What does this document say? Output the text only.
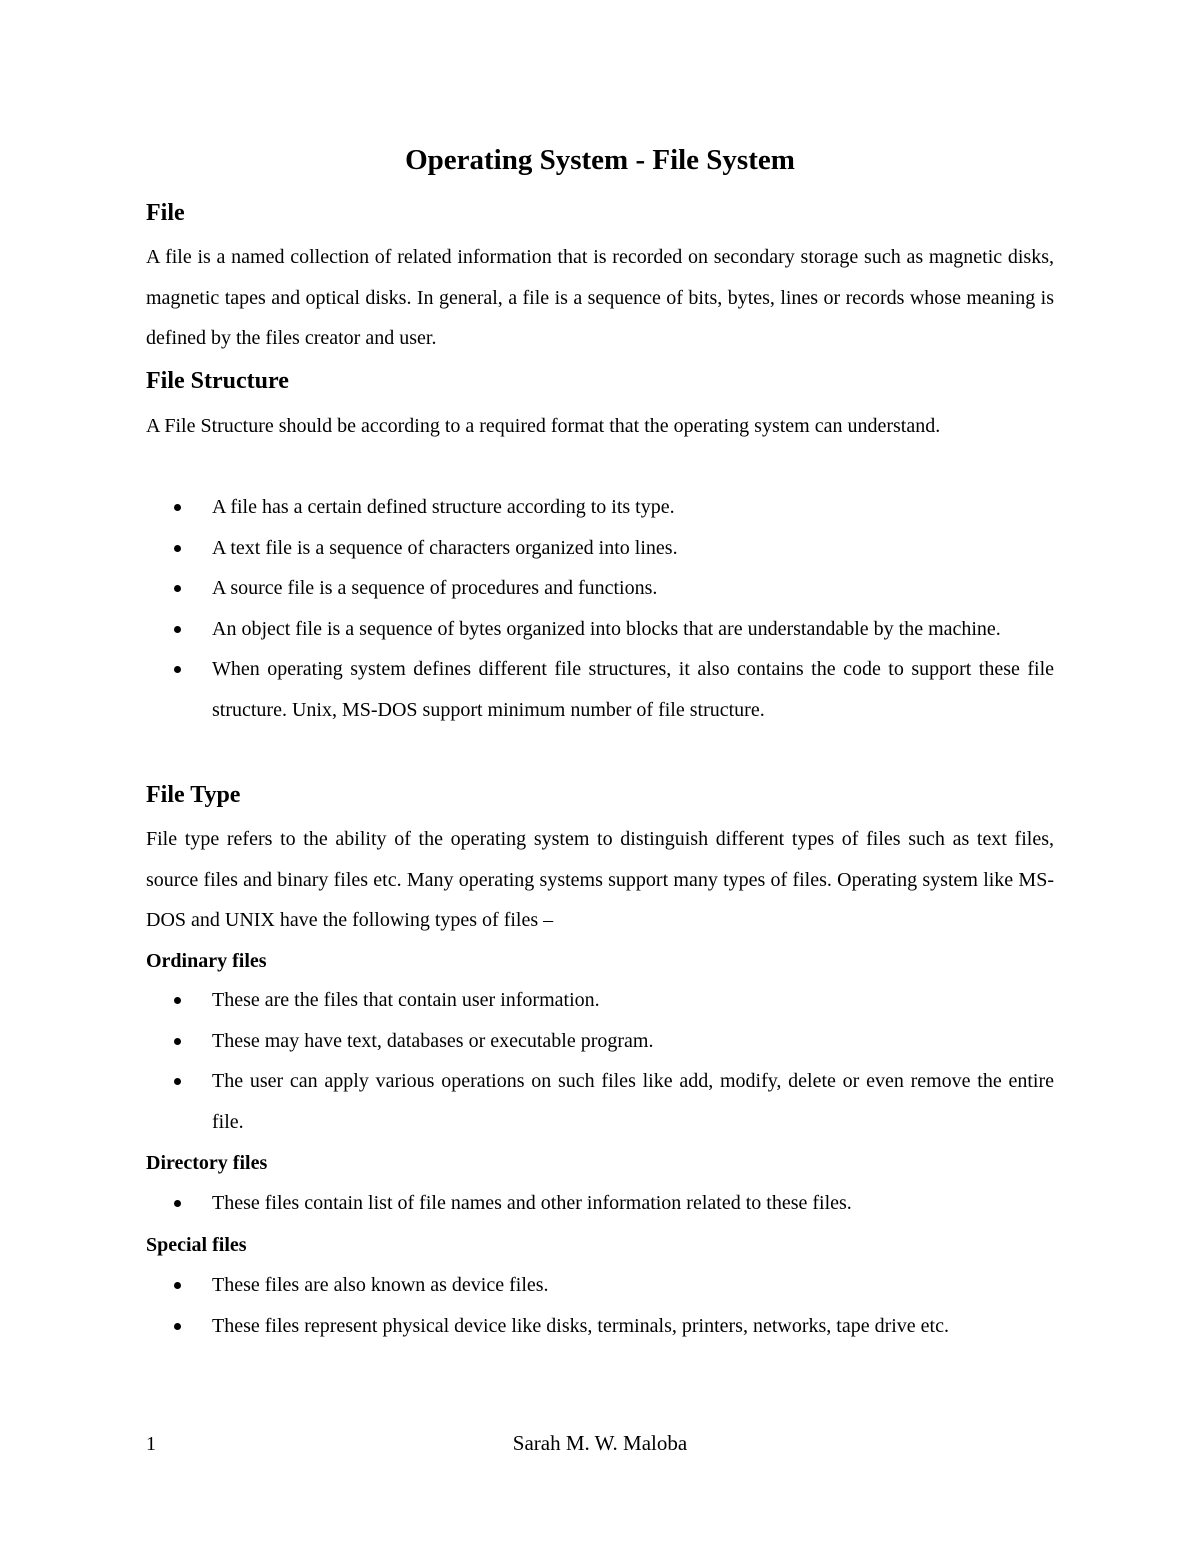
Operating System - File System
File

A file is a named collection of related information that is recorded on secondary storage such as magnetic disks, magnetic tapes and optical disks. In general, a file is a sequence of bits, bytes, lines or records whose meaning is defined by the files creator and user.

File Structure

A File Structure should be according to a required format that the operating system can understand.

A file has a certain defined structure according to its type.
A text file is a sequence of characters organized into lines.
A source file is a sequence of procedures and functions.
An object file is a sequence of bytes organized into blocks that are understandable by the machine.
When operating system defines different file structures, it also contains the code to support these file structure. Unix, MS-DOS support minimum number of file structure.
File Type

File type refers to the ability of the operating system to distinguish different types of files such as text files, source files and binary files etc. Many operating systems support many types of files. Operating system like MS-DOS and UNIX have the following types of files –

Ordinary files
These are the files that contain user information.
These may have text, databases or executable program.
The user can apply various operations on such files like add, modify, delete or even remove the entire file.
Directory files
These files contain list of file names and other information related to these files.
Special files
These files are also known as device files.
These files represent physical device like disks, terminals, printers, networks, tape drive etc.
1	Sarah M. W. Maloba
